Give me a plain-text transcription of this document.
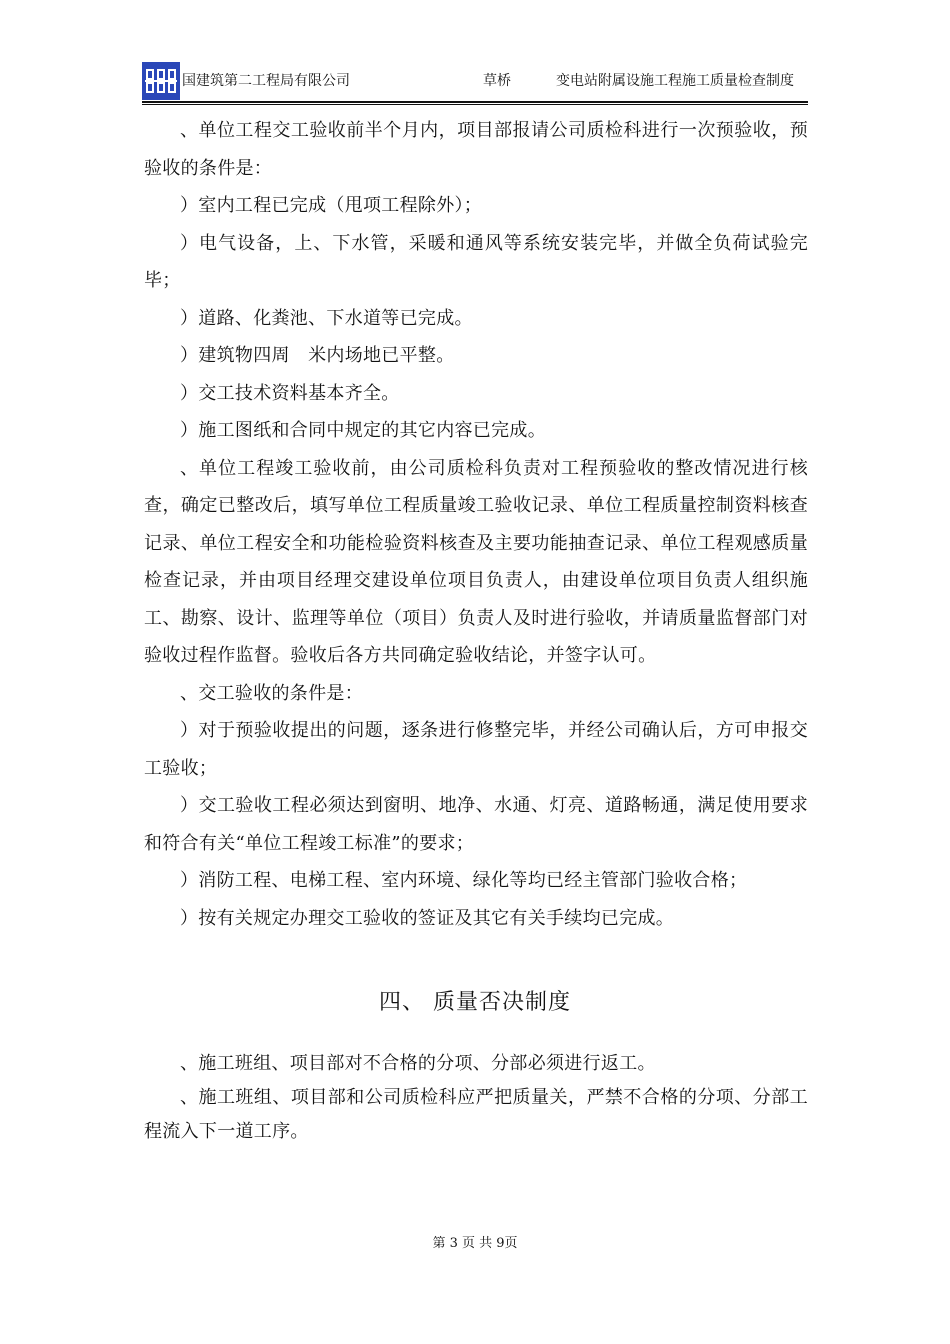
国建筑第二工程局有限公司	草桥	变电站附属设施工程施工质量检查制度

、单位工程交工验收前半个月内，项目部报请公司质检科进行一次预验收，预验收的条件是：

）室内工程已完成（甩项工程除外）；

）电气设备，上、下水管，采暖和通风等系统安装完毕，并做全负荷试验完毕；

）道路、化粪池、下水道等已完成。

）建筑物四周　米内场地已平整。

）交工技术资料基本齐全。

）施工图纸和合同中规定的其它内容已完成。

、单位工程竣工验收前，由公司质检科负责对工程预验收的整改情况进行核查，确定已整改后，填写单位工程质量竣工验收记录、单位工程质量控制资料核查记录、单位工程安全和功能检验资料核查及主要功能抽查记录、单位工程观感质量检查记录，并由项目经理交建设单位项目负责人，由建设单位项目负责人组织施工、勘察、设计、监理等单位（项目）负责人及时进行验收，并请质量监督部门对验收过程作监督。验收后各方共同确定验收结论，并签字认可。

、交工验收的条件是：

）对于预验收提出的问题，逐条进行修整完毕，并经公司确认后，方可申报交工验收；

）交工验收工程必须达到窗明、地净、水通、灯亮、道路畅通，满足使用要求和符合有关“单位工程竣工标准”的要求；

）消防工程、电梯工程、室内环境、绿化等均已经主管部门验收合格；

）按有关规定办理交工验收的签证及其它有关手续均已完成。

四、 质量否决制度

、施工班组、项目部对不合格的分项、分部必须进行返工。

、施工班组、项目部和公司质检科应严把质量关，严禁不合格的分项、分部工程流入下一道工序。

第 3 页 共 9页
